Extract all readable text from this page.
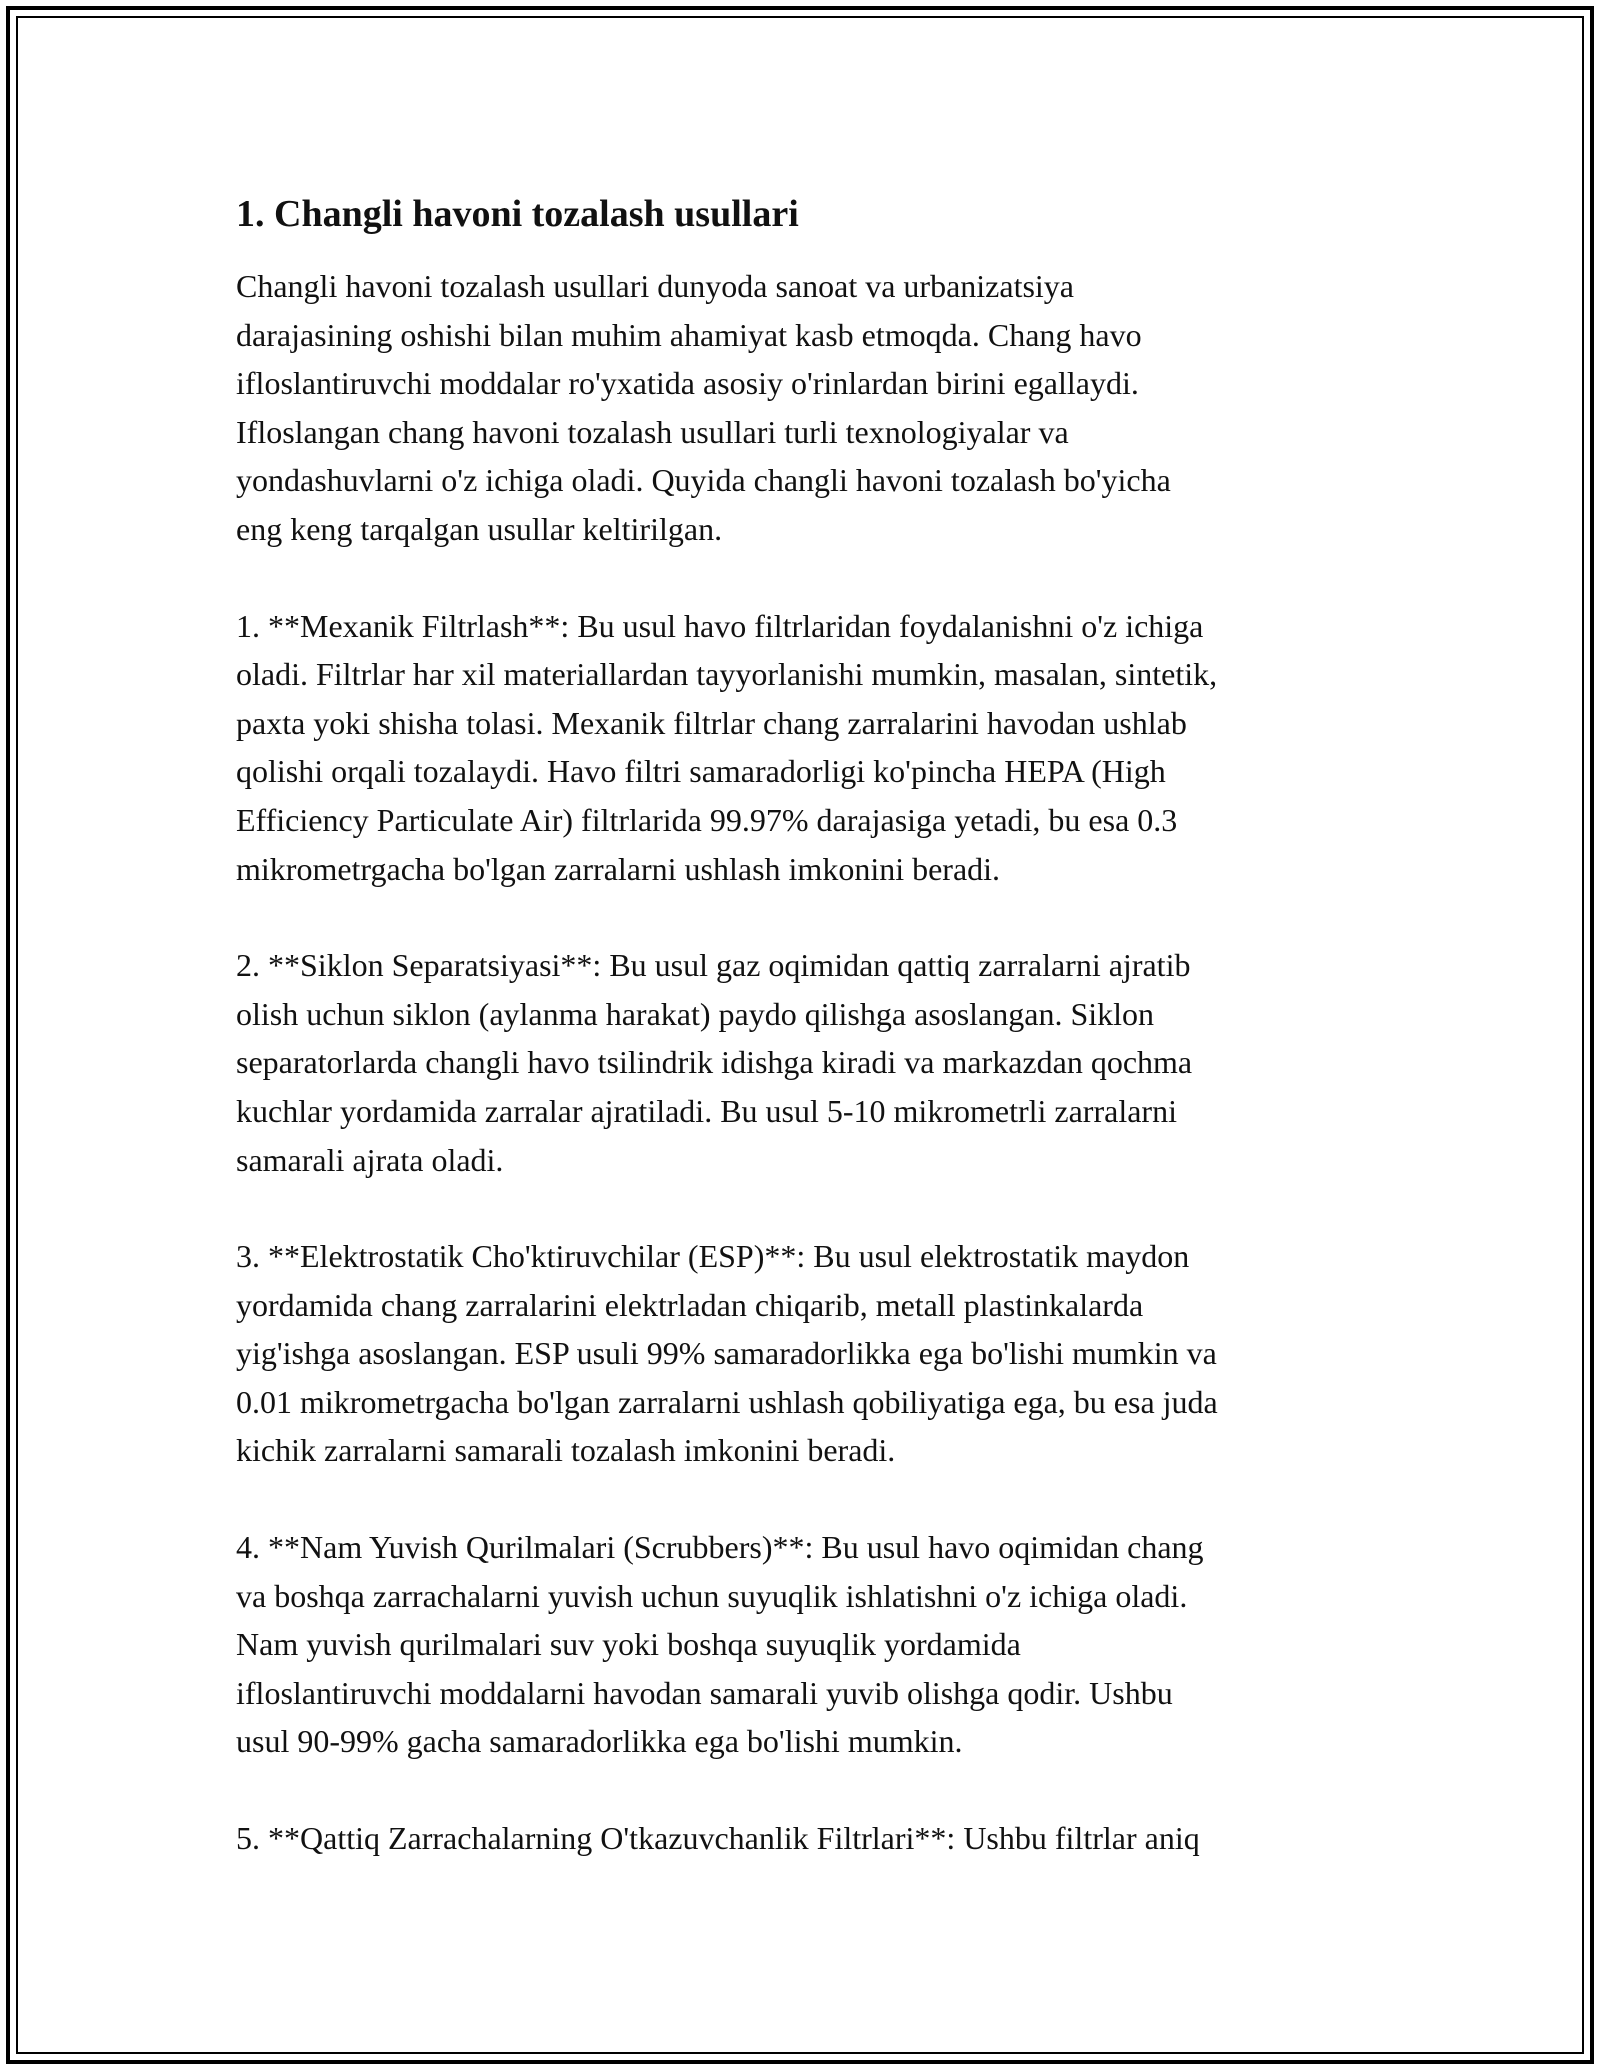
1. Changli havoni tozalash usullari

Changli havoni tozalash usullari dunyoda sanoat va urbanizatsiya
darajasining oshishi bilan muhim ahamiyat kasb etmoqda. Chang havo
ifloslantiruvchi moddalar ro'yxatida asosiy o'rinlardan birini egallaydi.
Ifloslangan chang havoni tozalash usullari turli texnologiyalar va
yondashuvlarni o'z ichiga oladi. Quyida changli havoni tozalash bo'yicha
eng keng tarqalgan usullar keltirilgan.

1. **Mexanik Filtrlash**: Bu usul havo filtrlaridan foydalanishni o'z ichiga
oladi. Filtrlar har xil materiallardan tayyorlanishi mumkin, masalan, sintetik,
paxta yoki shisha tolasi. Mexanik filtrlar chang zarralarini havodan ushlab
qolishi orqali tozalaydi. Havo filtri samaradorligi ko'pincha HEPA (High
Efficiency Particulate Air) filtrlarida 99.97% darajasiga yetadi, bu esa 0.3
mikrometrgacha bo'lgan zarralarni ushlash imkonini beradi.

2. **Siklon Separatsiyasi**: Bu usul gaz oqimidan qattiq zarralarni ajratib
olish uchun siklon (aylanma harakat) paydo qilishga asoslangan. Siklon
separatorlarda changli havo tsilindrik idishga kiradi va markazdan qochma
kuchlar yordamida zarralar ajratiladi. Bu usul 5-10 mikrometrli zarralarni
samarali ajrata oladi.

3. **Elektrostatik Cho'ktiruvchilar (ESP)**: Bu usul elektrostatik maydon
yordamida chang zarralarini elektrladan chiqarib, metall plastinkalarda
yig'ishga asoslangan. ESP usuli 99% samaradorlikka ega bo'lishi mumkin va
0.01 mikrometrgacha bo'lgan zarralarni ushlash qobiliyatiga ega, bu esa juda
kichik zarralarni samarali tozalash imkonini beradi.

4. **Nam Yuvish Qurilmalari (Scrubbers)**: Bu usul havo oqimidan chang
va boshqa zarrachalarni yuvish uchun suyuqlik ishlatishni o'z ichiga oladi.
Nam yuvish qurilmalari suv yoki boshqa suyuqlik yordamida
ifloslantiruvchi moddalarni havodan samarali yuvib olishga qodir. Ushbu
usul 90-99% gacha samaradorlikka ega bo'lishi mumkin.

5. **Qattiq Zarrachalarning O'tkazuvchanlik Filtrlari**: Ushbu filtrlar aniq
